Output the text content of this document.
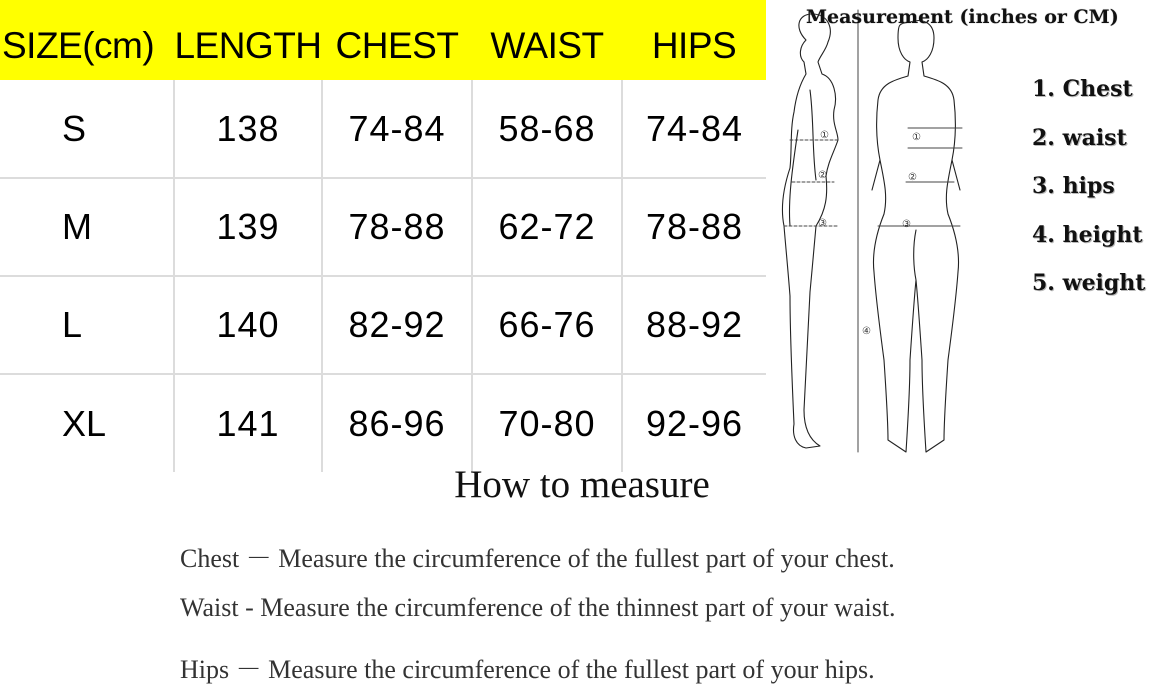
SIZE(cm)	LENGTH	CHEST	WAIST	HIPS
S	138	74-84	58-68	74-84
M	139	78-88	62-72	78-88
L	140	82-92	66-76	88-92
XL	141	86-96	70-80	92-96
①	①
②	②
③	③
④
Measurement (inches or CM)
1. Chest
2. waist
3. hips
4. height
5. weight
How to measure
Chest － Measure the circumference of the fullest part of your chest.
Waist - Measure the circumference of the thinnest part of your waist.
Hips － Measure the circumference of the fullest part of your hips.
